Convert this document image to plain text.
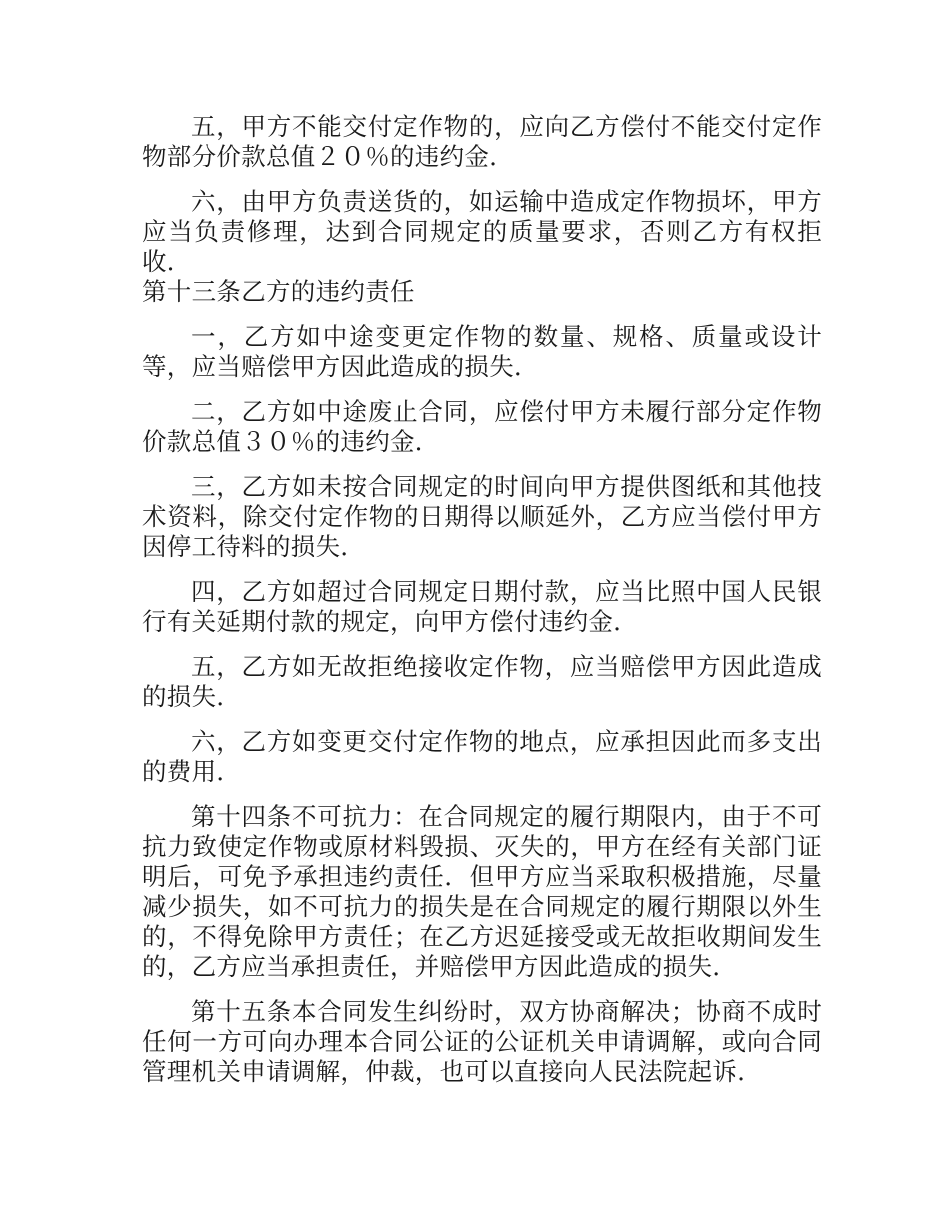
五，甲方不能交付定作物的，应向乙方偿付不能交付定作物部分价款总值２０％的违约金．

六，由甲方负责送货的，如运输中造成定作物损坏，甲方应当负责修理，达到合同规定的质量要求，否则乙方有权拒收．

第十三条乙方的违约责任

一，乙方如中途变更定作物的数量、规格、质量或设计等，应当赔偿甲方因此造成的损失．

二，乙方如中途废止合同，应偿付甲方未履行部分定作物价款总值３０％的违约金．

三，乙方如未按合同规定的时间向甲方提供图纸和其他技术资料，除交付定作物的日期得以顺延外，乙方应当偿付甲方因停工待料的损失．

四，乙方如超过合同规定日期付款，应当比照中国人民银行有关延期付款的规定，向甲方偿付违约金．

五，乙方如无故拒绝接收定作物，应当赔偿甲方因此造成的损失．

六，乙方如变更交付定作物的地点，应承担因此而多支出的费用．

第十四条不可抗力：在合同规定的履行期限内，由于不可抗力致使定作物或原材料毁损、灭失的，甲方在经有关部门证明后，可免予承担违约责任．但甲方应当采取积极措施，尽量减少损失，如不可抗力的损失是在合同规定的履行期限以外生的，不得免除甲方责任；在乙方迟延接受或无故拒收期间发生的，乙方应当承担责任，并赔偿甲方因此造成的损失．

第十五条本合同发生纠纷时，双方协商解决；协商不成时任何一方可向办理本合同公证的公证机关申请调解，或向合同管理机关申请调解，仲裁，也可以直接向人民法院起诉．
